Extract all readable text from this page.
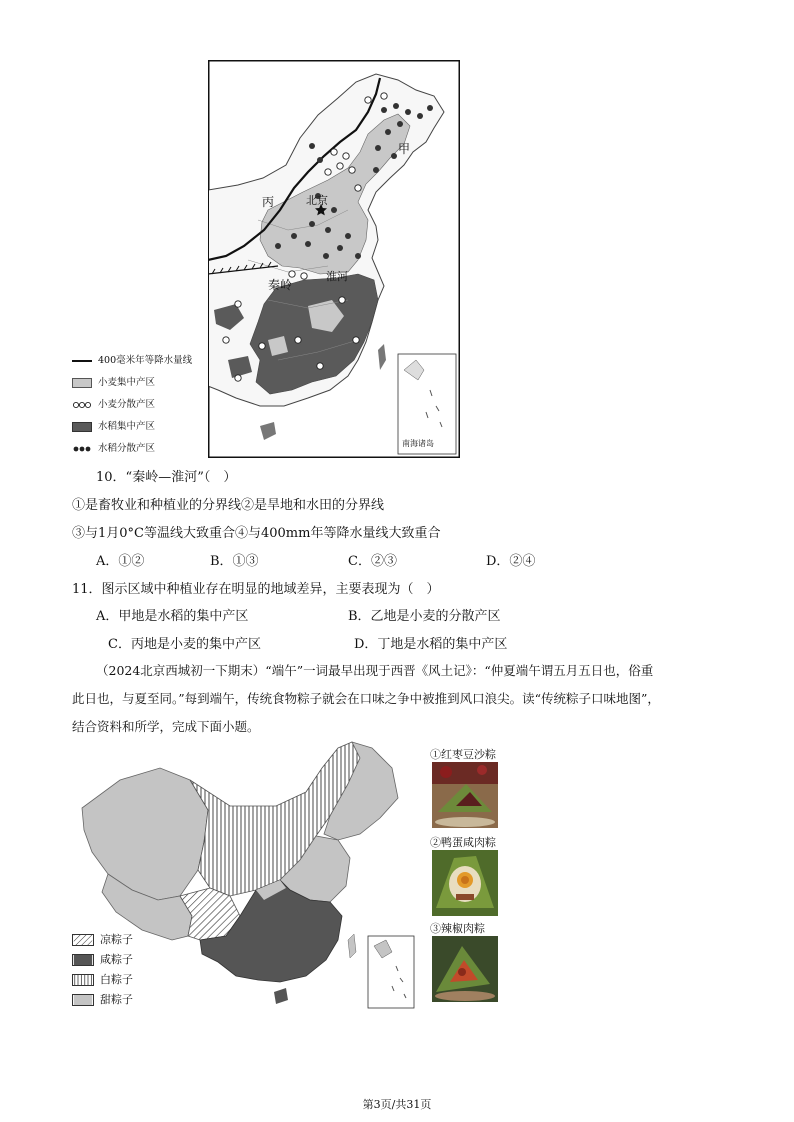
甲
丙	北京
秦岭
淮河
南海诸岛
400毫米年等降水量线
小麦集中产区
小麦分散产区
水稻集中产区
水稻分散产区
10．“秦岭—淮河”（　）
①是畜牧业和种植业的分界线②是旱地和水田的分界线
③与1月0°C等温线大致重合④与400mm年等降水量线大致重合
A．①②	B．①③	C．②③	D．②④
11．图示区域中种植业存在明显的地域差异，主要表现为（　）
A．甲地是水稻的集中产区	B．乙地是小麦的分散产区
C．丙地是小麦的集中产区	D．丁地是水稻的集中产区
（2024北京西城初一下期末）“端午”一词最早出现于西晋《风土记》：“仲夏端午谓五月五日也，俗重
此日也，与夏至同。”每到端午，传统食物粽子就会在口味之争中被推到风口浪尖。读“传统粽子口味地图”，
结合资料和所学，完成下面小题。
凉粽子
咸粽子
白粽子
甜粽子
①红枣豆沙粽
②鸭蛋咸肉粽
③辣椒肉粽
第3页/共31页
